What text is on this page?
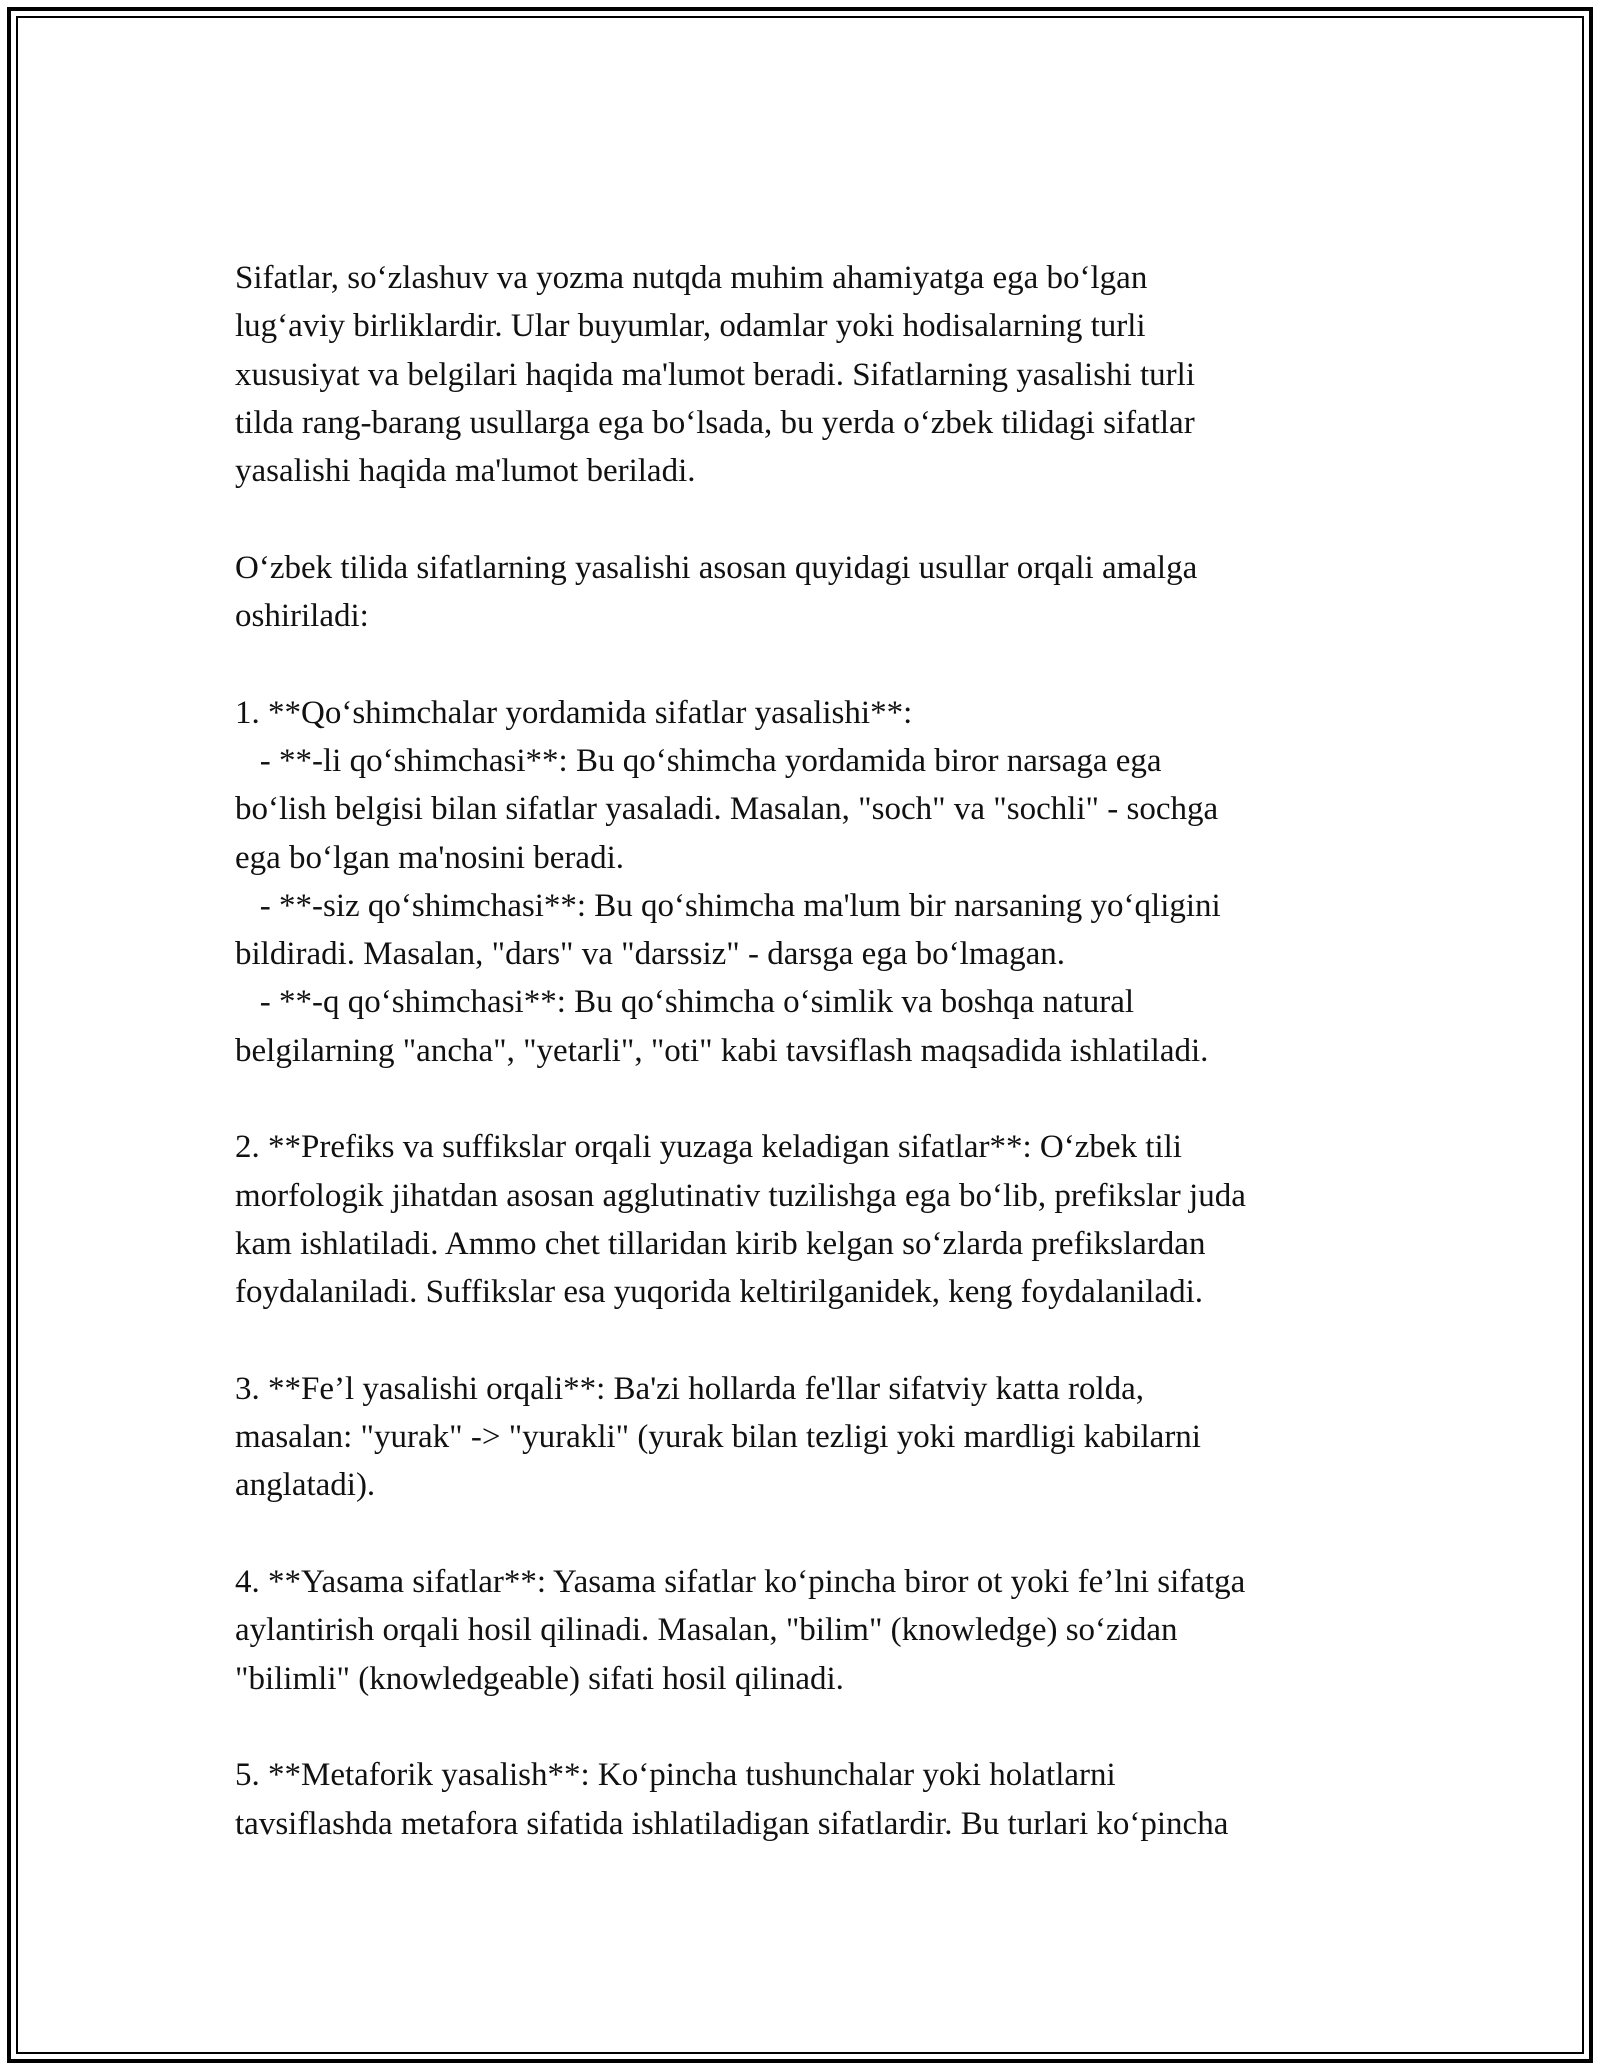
Sifatlar, so‘zlashuv va yozma nutqda muhim ahamiyatga ega bo‘lgan

lug‘aviy birliklardir. Ular buyumlar, odamlar yoki hodisalarning turli

xususiyat va belgilari haqida ma'lumot beradi. Sifatlarning yasalishi turli

tilda rang-barang usullarga ega bo‘lsada, bu yerda o‘zbek tilidagi sifatlar

yasalishi haqida ma'lumot beriladi.

O‘zbek tilida sifatlarning yasalishi asosan quyidagi usullar orqali amalga

oshiriladi:

1. **Qo‘shimchalar yordamida sifatlar yasalishi**:

- **-li qo‘shimchasi**: Bu qo‘shimcha yordamida biror narsaga ega

bo‘lish belgisi bilan sifatlar yasaladi. Masalan, "soch" va "sochli" - sochga

ega bo‘lgan ma'nosini beradi.

- **-siz qo‘shimchasi**: Bu qo‘shimcha ma'lum bir narsaning yo‘qligini

bildiradi. Masalan, "dars" va "darssiz" - darsga ega bo‘lmagan.

- **-q qo‘shimchasi**: Bu qo‘shimcha o‘simlik va boshqa natural

belgilarning "ancha", "yetarli", "oti" kabi tavsiflash maqsadida ishlatiladi.

2. **Prefiks va suffikslar orqali yuzaga keladigan sifatlar**: O‘zbek tili

morfologik jihatdan asosan agglutinativ tuzilishga ega bo‘lib, prefikslar juda

kam ishlatiladi. Ammo chet tillaridan kirib kelgan so‘zlarda prefikslardan

foydalaniladi. Suffikslar esa yuqorida keltirilganidek, keng foydalaniladi.

3. **Fe’l yasalishi orqali**: Ba'zi hollarda fe'llar sifatviy katta rolda,

masalan: "yurak" -> "yurakli" (yurak bilan tezligi yoki mardligi kabilarni

anglatadi).

4. **Yasama sifatlar**: Yasama sifatlar ko‘pincha biror ot yoki fe’lni sifatga

aylantirish orqali hosil qilinadi. Masalan, "bilim" (knowledge) so‘zidan

"bilimli" (knowledgeable) sifati hosil qilinadi.

5. **Metaforik yasalish**: Ko‘pincha tushunchalar yoki holatlarni

tavsiflashda metafora sifatida ishlatiladigan sifatlardir. Bu turlari ko‘pincha
